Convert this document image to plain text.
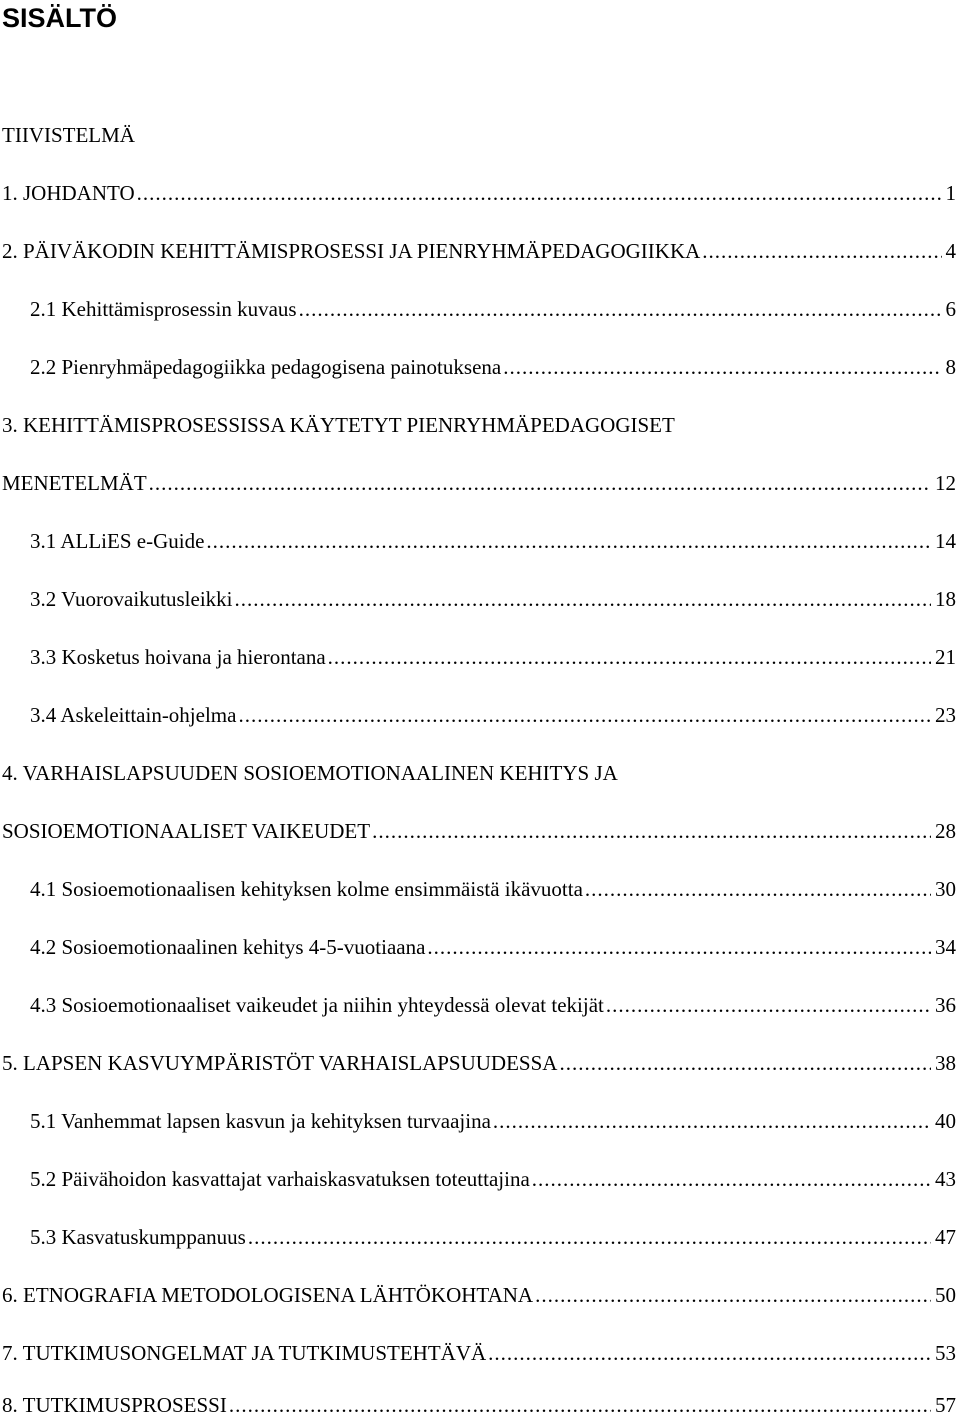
SISÄLTÖ
TIIVISTELMÄ
1. JOHDANTO .....	1
2. PÄIVÄKODIN KEHITTÄMISPROSESSI JA PIENRYHMÄPEDAGOGIIKKA .....	4
2.1 Kehittämisprosessin kuvaus .....	6
2.2 Pienryhmäpedagogiikka pedagogisena painotuksena .....	8
3. KEHITTÄMISPROSESSISSA KÄYTETYT PIENRYHMÄPEDAGOGISET
MENETELMÄT .....	12
3.1 ALLiES e-Guide .....	14
3.2 Vuorovaikutusleikki .....	18
3.3 Kosketus hoivana ja hierontana .....	21
3.4 Askeleittain-ohjelma .....	23
4. VARHAISLAPSUUDEN SOSIOEMOTIONAALINEN KEHITYS JA
SOSIOEMOTIONAALISET VAIKEUDET .....	28
4.1 Sosioemotionaalisen kehityksen kolme ensimmäistä ikävuotta .....	30
4.2 Sosioemotionaalinen kehitys 4-5-vuotiaana .....	34
4.3 Sosioemotionaaliset vaikeudet ja niihin yhteydessä olevat tekijät .....	36
5. LAPSEN KASVUYMPÄRISTÖT VARHAISLAPSUUDESSA .....	38
5.1 Vanhemmat lapsen kasvun ja kehityksen turvaajina .....	40
5.2 Päivähoidon kasvattajat varhaiskasvatuksen toteuttajina .....	43
5.3 Kasvatuskumppanuus .....	47
6. ETNOGRAFIA METODOLOGISENA LÄHTÖKOHTANA .....	50
7. TUTKIMUSONGELMAT JA TUTKIMUSTEHTÄVÄ .....	53
8. TUTKIMUSPROSESSI .....	57
